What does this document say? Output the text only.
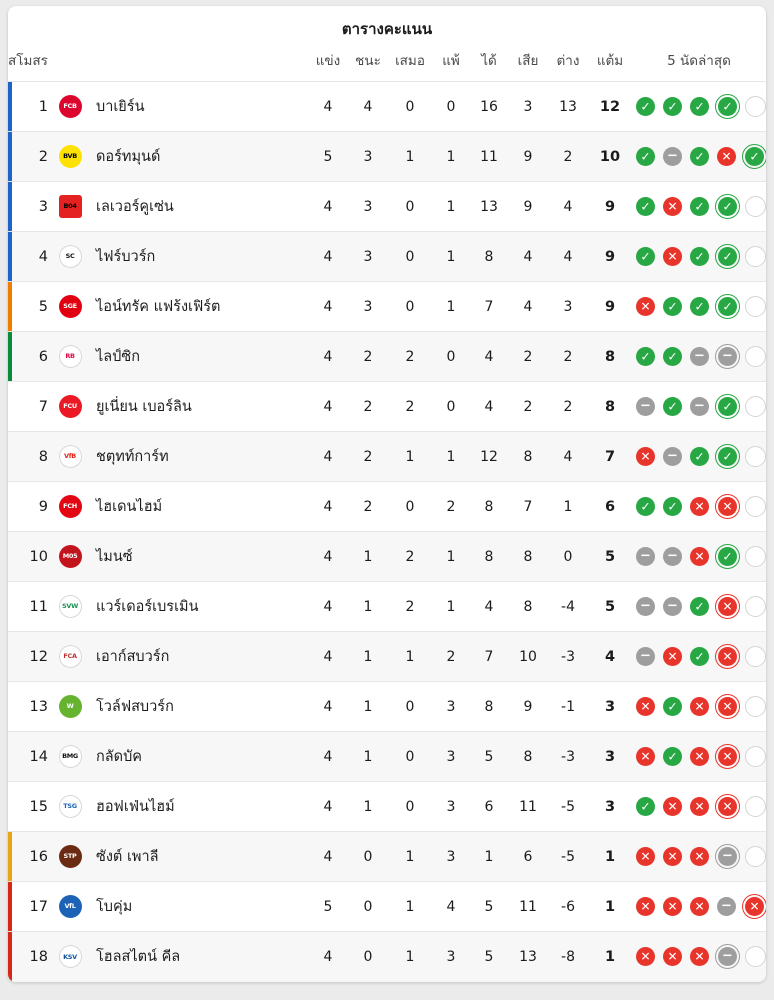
ตารางคะแนน
สโมสร			แข่ง	ชนะ	เสมอ	แพ้	ได้	เสีย	ต่าง	แต้ม	5 นัดล่าสุด

1	FCB	บาเยิร์น	4	4	0	0	16	3	13	12	✓ ✓ ✓ ✓

2	BVB	ดอร์ทมุนด์	5	3	1	1	11	9	2	10	✓ − ✓ ✕ ✓

3	B04	เลเวอร์คูเซ่น	4	3	0	1	13	9	4	9	✓ ✕ ✓ ✓

4	SC	ไฟร์บวร์ก	4	3	0	1	8	4	4	9	✓ ✕ ✓ ✓

5	SGE	ไอน์ทรัค แฟร้งเฟิร์ต	4	3	0	1	7	4	3	9	✕ ✓ ✓ ✓

6	RB	ไลป์ซิก	4	2	2	0	4	2	2	8	✓ ✓ − −

7	FCU	ยูเนี่ยน เบอร์ลิน	4	2	2	0	4	2	2	8	− ✓ − ✓

8	VfB	ชตุทท์การ์ท	4	2	1	1	12	8	4	7	✕ − ✓ ✓

9	FCH	ไฮเดนไฮม์	4	2	0	2	8	7	1	6	✓ ✓ ✕ ✕

10	M05	ไมนซ์	4	1	2	1	8	8	0	5	− − ✕ ✓

11	SVW	แวร์เดอร์เบรเมิน	4	1	2	1	4	8	-4	5	− − ✓ ✕

12	FCA	เอาก์สบวร์ก	4	1	1	2	7	10	-3	4	− ✕ ✓ ✕

13	W	โวล์ฟสบวร์ก	4	1	0	3	8	9	-1	3	✕ ✓ ✕ ✕

14	BMG	กลัดบัค	4	1	0	3	5	8	-3	3	✕ ✓ ✕ ✕

15	TSG	ฮอฟเฟ่นไฮม์	4	1	0	3	6	11	-5	3	✓ ✕ ✕ ✕

16	STP	ซังต์ เพาลี	4	0	1	3	1	6	-5	1	✕ ✕ ✕ −

17	VfL	โบคุ่ม	5	0	1	4	5	11	-6	1	✕ ✕ ✕ − ✕

18	KSV	โฮลสไตน์ คีล	4	0	1	3	5	13	-8	1	✕ ✕ ✕ −
